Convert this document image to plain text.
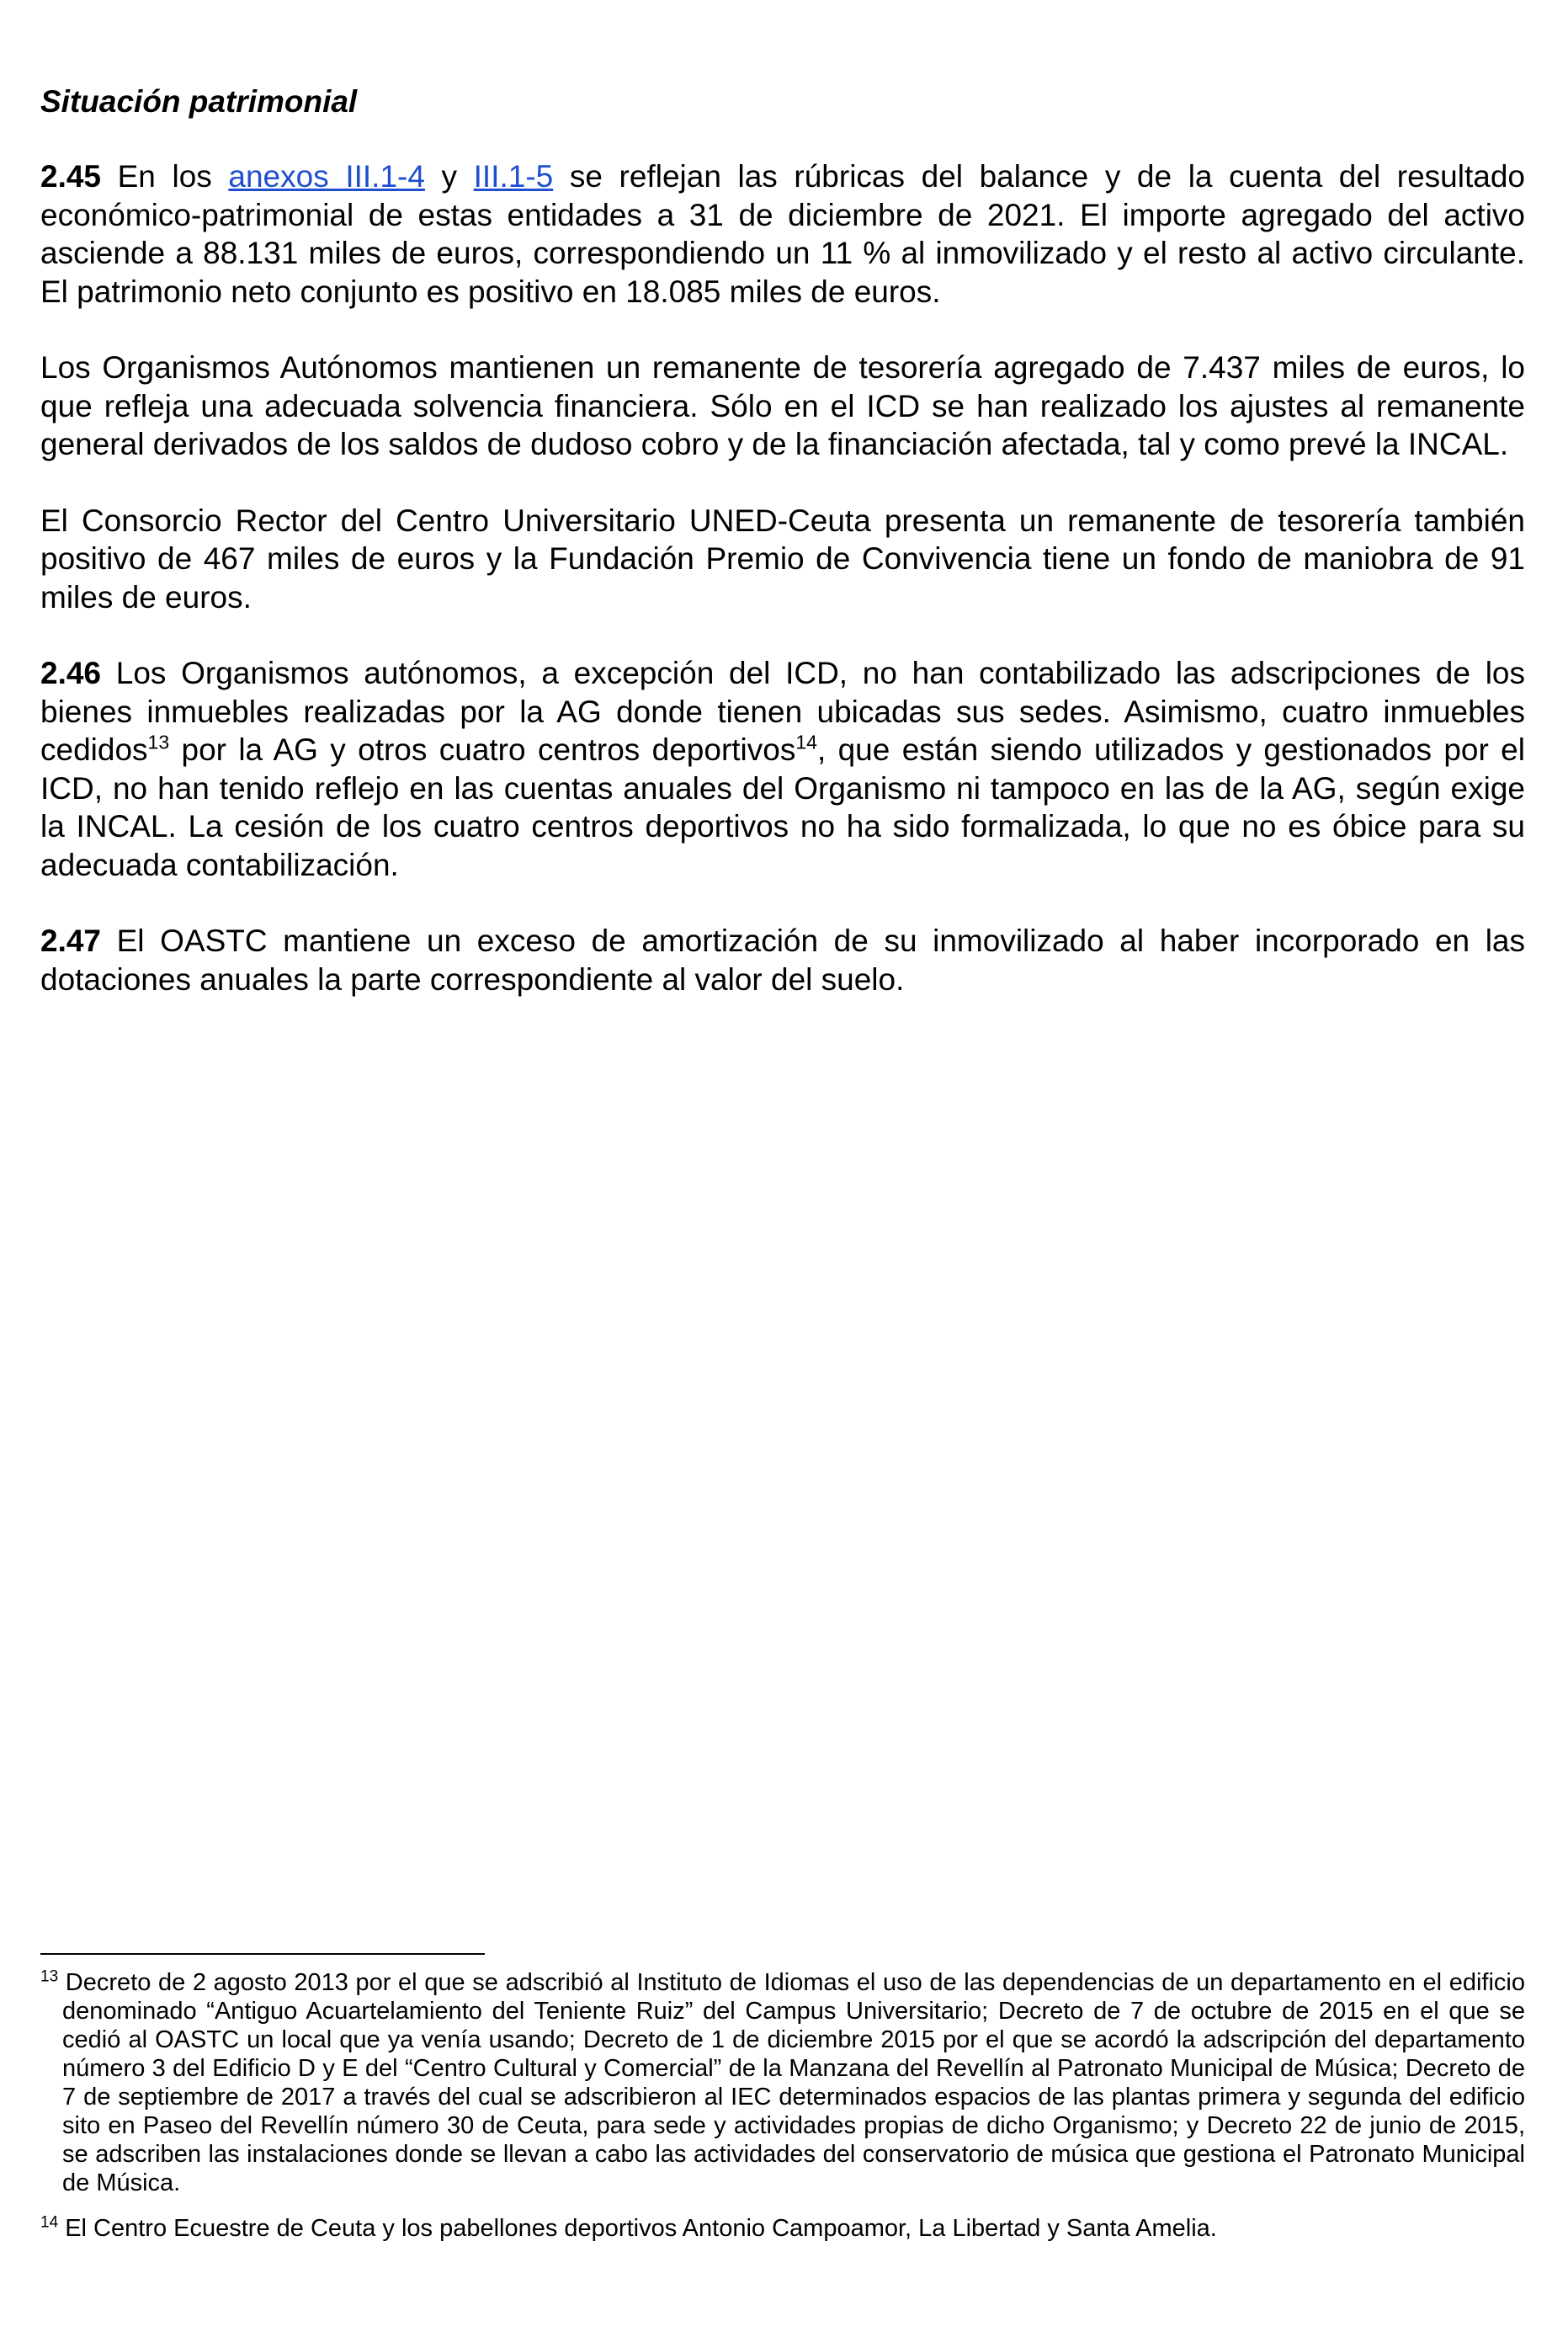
Situación patrimonial

2.45 En los anexos III.1-4 y III.1-5 se reflejan las rúbricas del balance y de la cuenta del resultado económico-patrimonial de estas entidades a 31 de diciembre de 2021. El importe agregado del activo asciende a 88.131 miles de euros, correspondiendo un 11 % al inmovilizado y el resto al activo circulante. El patrimonio neto conjunto es positivo en 18.085 miles de euros.

Los Organismos Autónomos mantienen un remanente de tesorería agregado de 7.437 miles de euros, lo que refleja una adecuada solvencia financiera. Sólo en el ICD se han realizado los ajustes al remanente general derivados de los saldos de dudoso cobro y de la financiación afectada, tal y como prevé la INCAL.

El Consorcio Rector del Centro Universitario UNED-Ceuta presenta un remanente de tesorería también positivo de 467 miles de euros y la Fundación Premio de Convivencia tiene un fondo de maniobra de 91 miles de euros.

2.46 Los Organismos autónomos, a excepción del ICD, no han contabilizado las adscripciones de los bienes inmuebles realizadas por la AG donde tienen ubicadas sus sedes. Asimismo, cuatro inmuebles cedidos$^{13}$ por la AG y otros cuatro centros deportivos$^{14}$, que están siendo utilizados y gestionados por el ICD, no han tenido reflejo en las cuentas anuales del Organismo ni tampoco en las de la AG, según exige la INCAL. La cesión de los cuatro centros deportivos no ha sido formalizada, lo que no es óbice para su adecuada contabilización.

2.47 El OASTC mantiene un exceso de amortización de su inmovilizado al haber incorporado en las dotaciones anuales la parte correspondiente al valor del suelo.

$^{13}$ Decreto de 2 agosto 2013 por el que se adscribió al Instituto de Idiomas el uso de las dependencias de un departamento en el edificio denominado “Antiguo Acuartelamiento del Teniente Ruiz” del Campus Universitario; Decreto de 7 de octubre de 2015 en el que se cedió al OASTC un local que ya venía usando; Decreto de 1 de diciembre 2015 por el que se acordó la adscripción del departamento número 3 del Edificio D y E del “Centro Cultural y Comercial” de la Manzana del Revellín al Patronato Municipal de Música; Decreto de 7 de septiembre de 2017 a través del cual se adscribieron al IEC determinados espacios de las plantas primera y segunda del edificio sito en Paseo del Revellín número 30 de Ceuta, para sede y actividades propias de dicho Organismo; y Decreto 22 de junio de 2015, se adscriben las instalaciones donde se llevan a cabo las actividades del conservatorio de música que gestiona el Patronato Municipal de Música.

$^{14}$ El Centro Ecuestre de Ceuta y los pabellones deportivos Antonio Campoamor, La Libertad y Santa Amelia.
